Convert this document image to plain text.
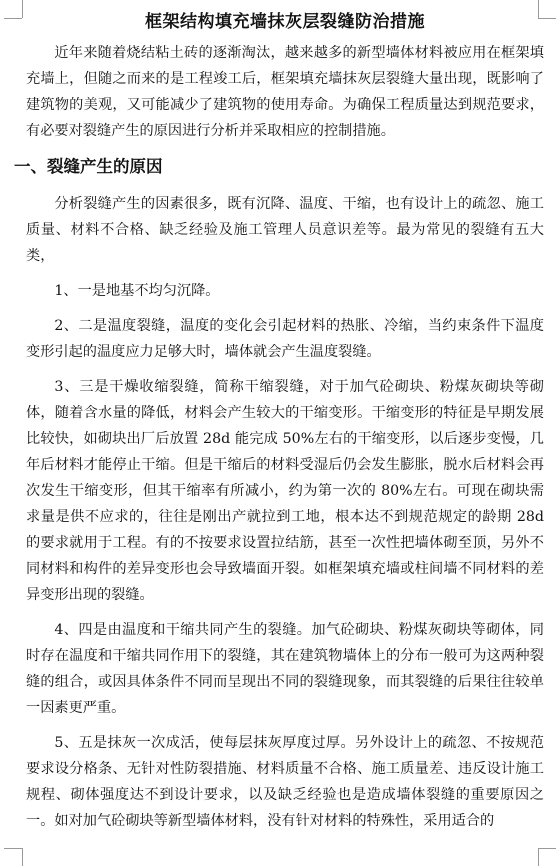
框架结构填充墙抹灰层裂缝防治措施

近年来随着烧结粘土砖的逐渐淘汰，越来越多的新型墙体材料被应用在框架填充墙上，但随之而来的是工程竣工后，框架填充墙抹灰层裂缝大量出现，既影响了建筑物的美观，又可能减少了建筑物的使用寿命。为确保工程质量达到规范要求，有必要对裂缝产生的原因进行分析并采取相应的控制措施。

一、裂缝产生的原因

分析裂缝产生的因素很多，既有沉降、温度、干缩，也有设计上的疏忽、施工质量、材料不合格、缺乏经验及施工管理人员意识差等。最为常见的裂缝有五大类，

1、一是地基不均匀沉降。

2、二是温度裂缝，温度的变化会引起材料的热胀、冷缩，当约束条件下温度变形引起的温度应力足够大时，墙体就会产生温度裂缝。

3、三是干燥收缩裂缝，简称干缩裂缝，对于加气砼砌块、粉煤灰砌块等砌体，随着含水量的降低，材料会产生较大的干缩变形。干缩变形的特征是早期发展比较快，如砌块出厂后放置 28d 能完成 50%左右的干缩变形，以后逐步变慢，几年后材料才能停止干缩。但是干缩后的材料受湿后仍会发生膨胀，脱水后材料会再次发生干缩变形，但其干缩率有所减小，约为第一次的 80%左右。可现在砌块需求量是供不应求的，往往是刚出产就拉到工地，根本达不到规范规定的龄期 28d 的要求就用于工程。有的不按要求设置拉结筋，甚至一次性把墙体砌至顶，另外不同材料和构件的差异变形也会导致墙面开裂。如框架填充墙或柱间墙不同材料的差异变形出现的裂缝。

4、四是由温度和干缩共同产生的裂缝。加气砼砌块、粉煤灰砌块等砌体，同时存在温度和干缩共同作用下的裂缝，其在建筑物墙体上的分布一般可为这两种裂缝的组合，或因具体条件不同而呈现出不同的裂缝现象，而其裂缝的后果往往较单一因素更严重。

5、五是抹灰一次成活，使每层抹灰厚度过厚。另外设计上的疏忽、不按规范要求设分格条、无针对性防裂措施、材料质量不合格、施工质量差、违反设计施工规程、砌体强度达不到设计要求，以及缺乏经验也是造成墙体裂缝的重要原因之一。如对加气砼砌块等新型墙体材料，没有针对材料的特殊性，采用适合的
